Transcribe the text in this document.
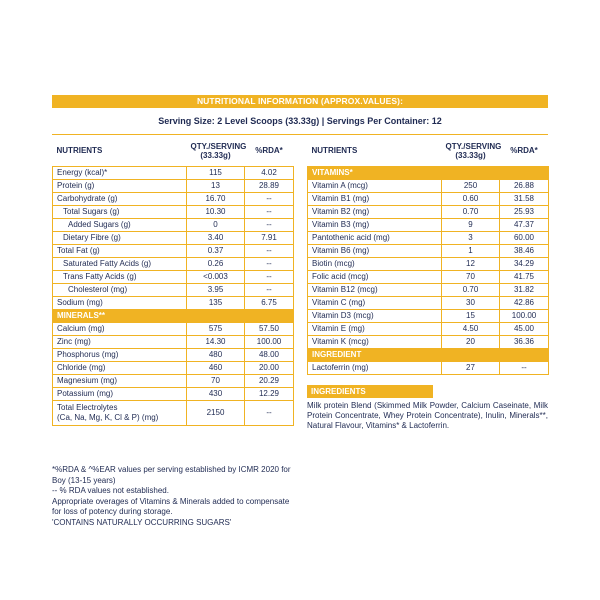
NUTRITIONAL INFORMATION (APPROX.VALUES):
Serving Size: 2 Level Scoops (33.33g) | Servings Per Container: 12
NUTRIENTS	QTY./SERVING
(33.33g)	%RDA*
Energy (kcal)*	115	4.02
Protein (g)	13	28.89
Carbohydrate (g)	16.70	--
Total Sugars (g)	10.30	--
Added Sugars (g)	0	--
Dietary Fibre (g)	3.40	7.91
Total Fat (g)	0.37	--
Saturated Fatty Acids (g)	0.26	--
Trans Fatty Acids (g)	<0.003	--
Cholesterol (mg)	3.95	--
Sodium (mg)	135	6.75
MINERALS**		
Calcium (mg)	575	57.50
Zinc (mg)	14.30	100.00
Phosphorus (mg)	480	48.00
Chloride (mg)	460	20.00
Magnesium (mg)	70	20.29
Potassium (mg)	430	12.29
Total Electrolytes
(Ca, Na, Mg, K, Cl & P) (mg)	2150	--

*%RDA & ^%EAR values per serving established by ICMR 2020 for Boy (13-15 years)

-- % RDA values not established.

Appropriate overages of Vitamins & Minerals added to compensate for loss of potency during storage.

'CONTAINS NATURALLY OCCURRING SUGARS'

NUTRIENTS	QTY./SERVING
(33.33g)	%RDA*
VITAMINS*		
Vitamin A (mcg)	250	26.88
Vitamin B1 (mg)	0.60	31.58
Vitamin B2 (mg)	0.70	25.93
Vitamin B3 (mg)	9	47.37
Pantothenic acid (mg)	3	60.00
Vitamin B6 (mg)	1	38.46
Biotin (mcg)	12	34.29
Folic acid (mcg)	70	41.75
Vitamin B12 (mcg)	0.70	31.82
Vitamin C (mg)	30	42.86
Vitamin D3 (mcg)	15	100.00
Vitamin E (mg)	4.50	45.00
Vitamin K (mcg)	20	36.36
INGREDIENT		
Lactoferrin (mg)	27	--
INGREDIENTS
Milk protein Blend (Skimmed Milk Powder, Calcium Caseinate, Milk Protein Concentrate, Whey Protein Concentrate), Inulin, Minerals**, Natural Flavour, Vitamins* & Lactoferrin.
